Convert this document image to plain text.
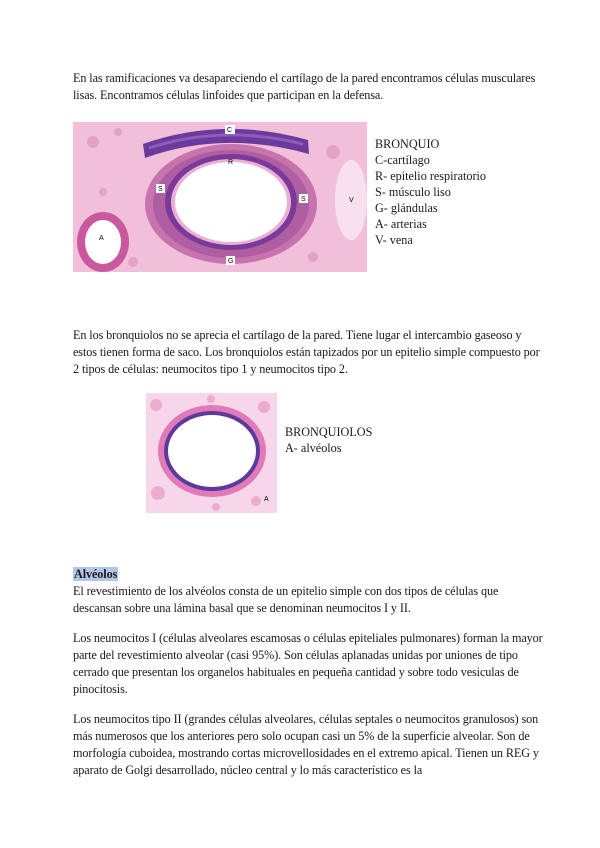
En las ramificaciones va desapareciendo el cartílago de la pared encontramos células musculares lisas. Encontramos células linfoides que participan en la defensa.
C
R
S
S
G
A
V
BRONQUIO
C-cartílago
R- epitelio respiratorio
S- músculo liso
G- glándulas
A- arterias
V- vena
En los bronquiolos no se aprecia el cartílago de la pared. Tiene lugar el intercambio gaseoso y estos tienen forma de saco. Los bronquiolos están tapizados por un epitelio simple compuesto por 2 tipos de células: neumocitos tipo 1 y neumocitos tipo 2.
A
BRONQUIOLOS
A- alvéolos
Alvéolos
El revestimiento de los alvéolos consta de un epitelio simple con dos tipos de células que descansan sobre una lámina basal que se denominan neumocitos I y II.
Los neumocitos I (células alveolares escamosas o células epiteliales pulmonares) forman la mayor parte del revestimiento alveolar (casi 95%). Son células aplanadas unidas por uniones de tipo cerrado que presentan los organelos habituales en pequeña cantidad y sobre todo vesiculas de pinocitosis.
Los neumocitos tipo II (grandes células alveolares, células septales o neumocitos granulosos) son más numerosos que los anteriores pero solo ocupan casi un 5% de la superficie alveolar. Son de morfología cuboidea, mostrando cortas microvellosidades en el extremo apical. Tienen un REG y aparato de Golgi desarrollado, núcleo central y lo más característico es la
